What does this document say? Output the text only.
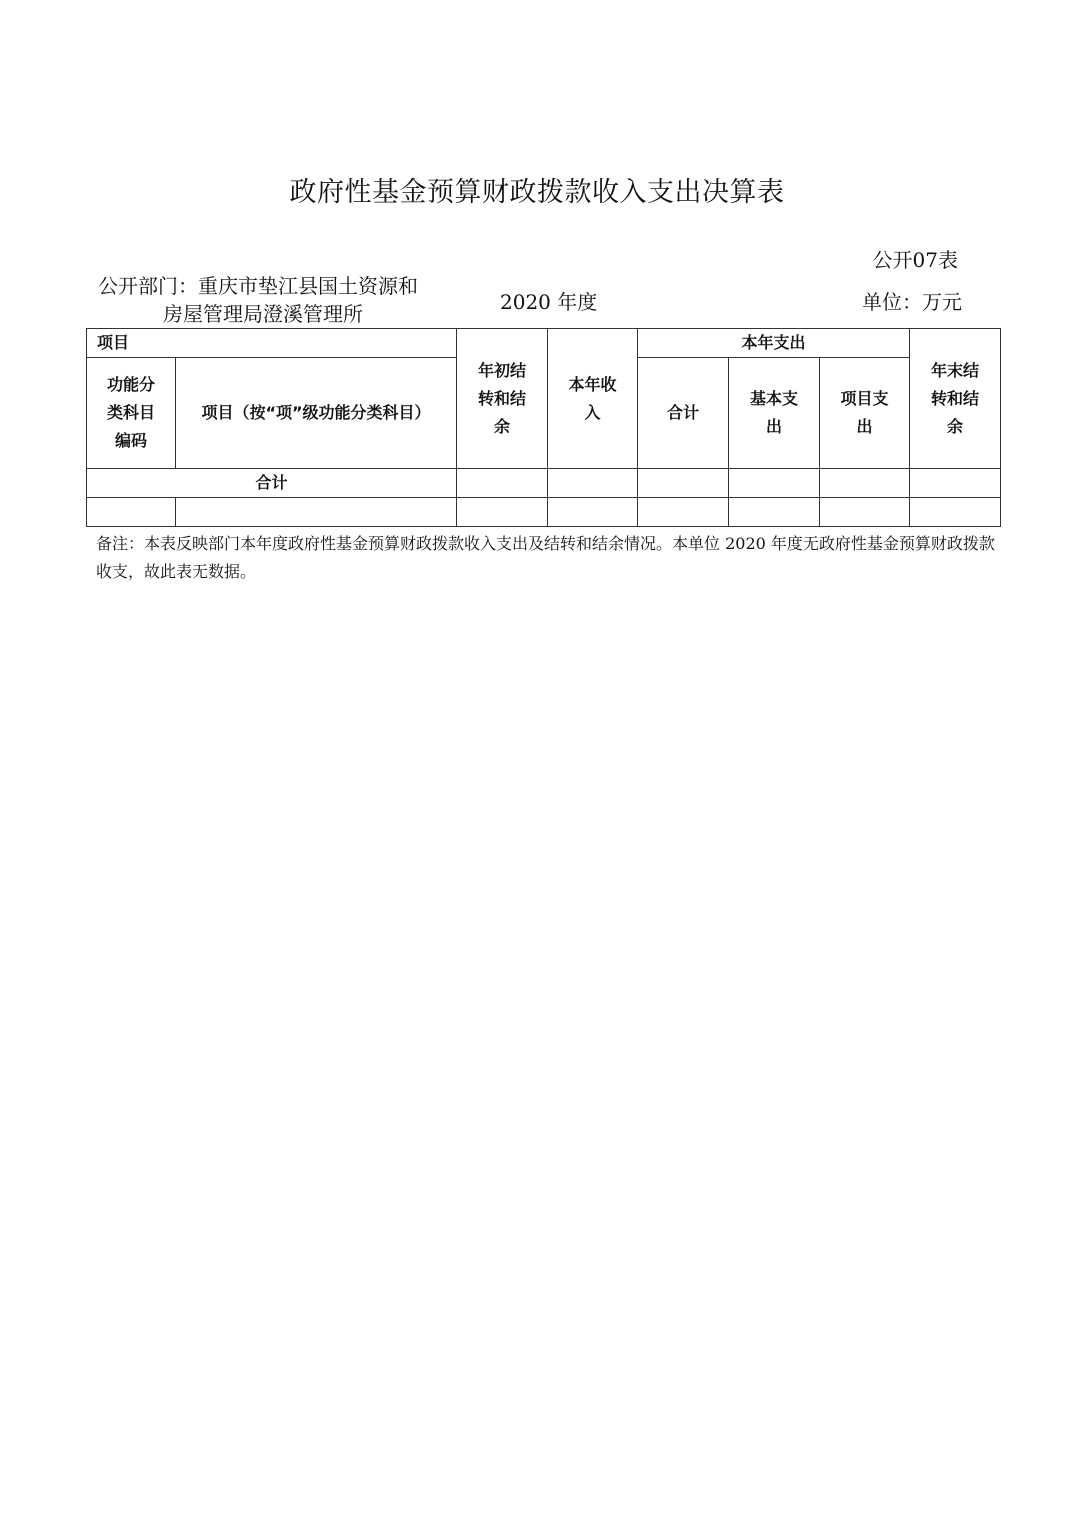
政府性基金预算财政拨款收入支出决算表
公开07表
公开部门：重庆市垫江县国土资源和
房屋管理局澄溪管理所	2020 年度	单位：万元
项目		年初结转和结余	本年收入	本年支出			年末结转和结余

功能分类科目编码	项目（按“项”级功能分类科目）			合计	基本支出	项目支出	

合计							

备注：本表反映部门本年度政府性基金预算财政拨款收入支出及结转和结余情况。本单位 2020 年度无政府性基金预算财政拨款收支，故此表无数据。
